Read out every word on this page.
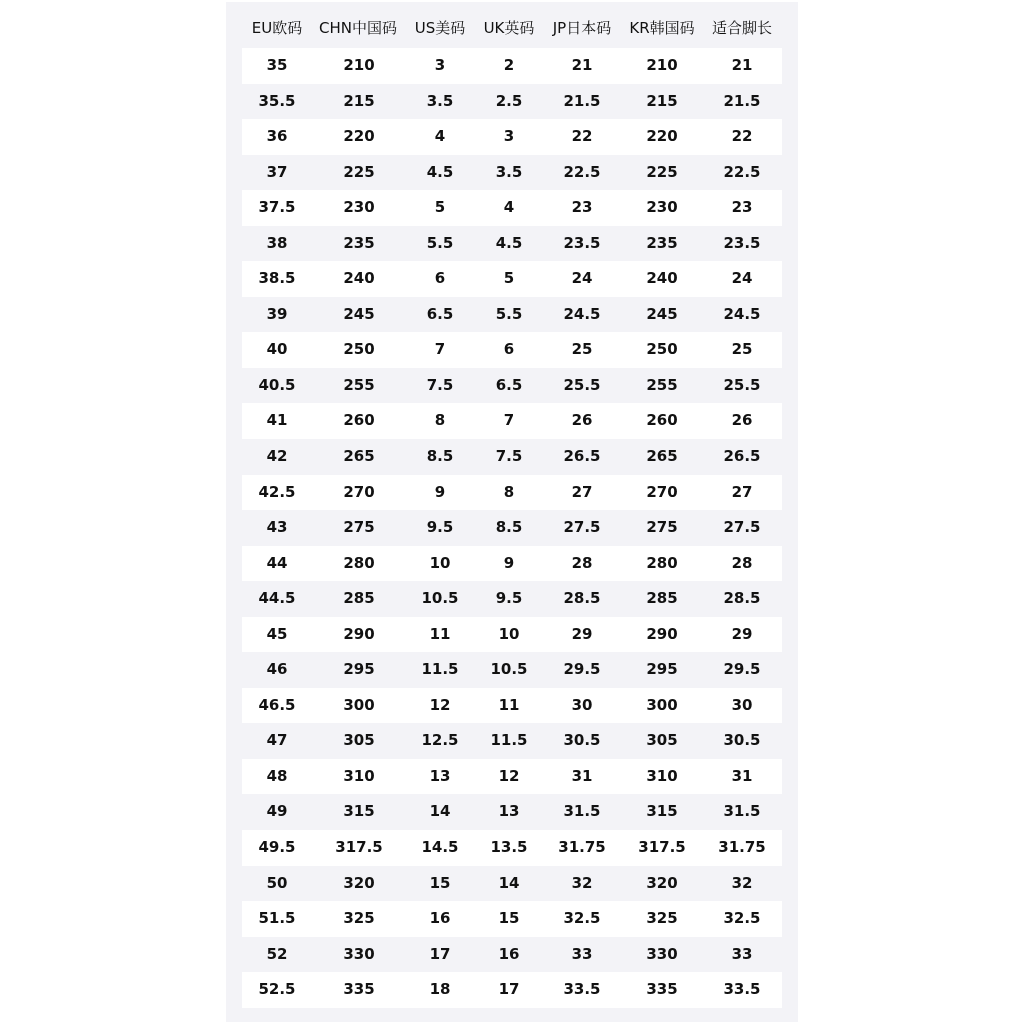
EU欧码	CHN中国码	US美码	UK英码	JP日本码	KR韩国码	适合脚长
35	210	3	2	21	210	21
35.5	215	3.5	2.5	21.5	215	21.5
36	220	4	3	22	220	22
37	225	4.5	3.5	22.5	225	22.5
37.5	230	5	4	23	230	23
38	235	5.5	4.5	23.5	235	23.5
38.5	240	6	5	24	240	24
39	245	6.5	5.5	24.5	245	24.5
40	250	7	6	25	250	25
40.5	255	7.5	6.5	25.5	255	25.5
41	260	8	7	26	260	26
42	265	8.5	7.5	26.5	265	26.5
42.5	270	9	8	27	270	27
43	275	9.5	8.5	27.5	275	27.5
44	280	10	9	28	280	28
44.5	285	10.5	9.5	28.5	285	28.5
45	290	11	10	29	290	29
46	295	11.5	10.5	29.5	295	29.5
46.5	300	12	11	30	300	30
47	305	12.5	11.5	30.5	305	30.5
48	310	13	12	31	310	31
49	315	14	13	31.5	315	31.5
49.5	317.5	14.5	13.5	31.75	317.5	31.75
50	320	15	14	32	320	32
51.5	325	16	15	32.5	325	32.5
52	330	17	16	33	330	33
52.5	335	18	17	33.5	335	33.5
